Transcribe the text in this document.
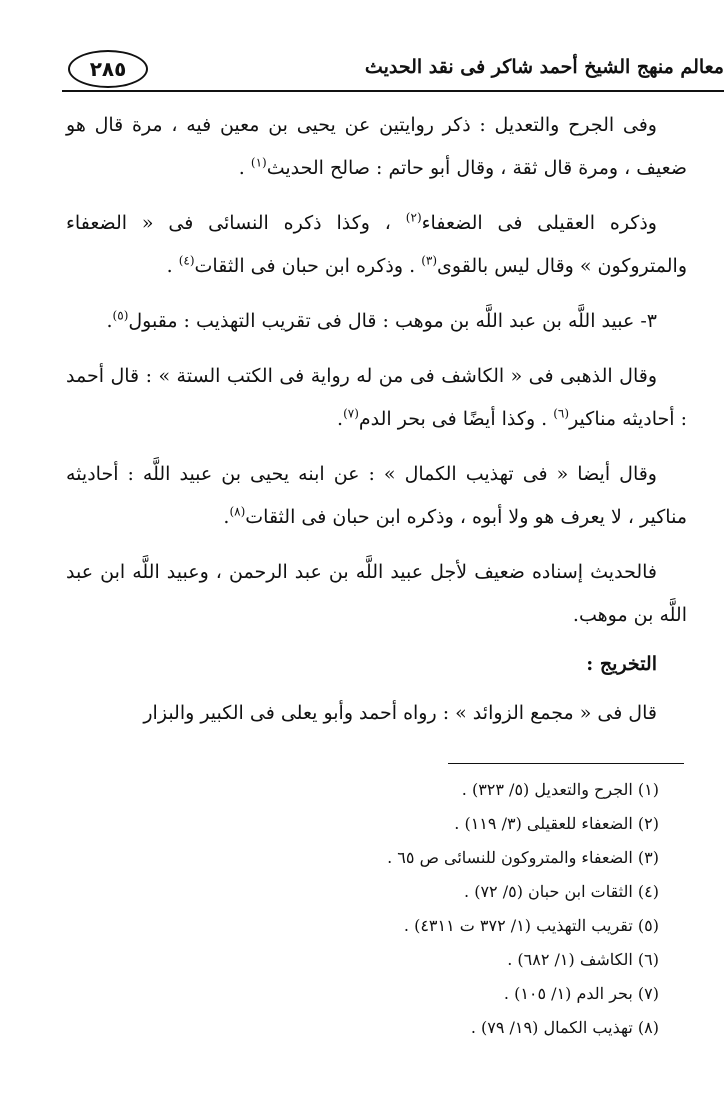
٢٨٥	معالم منهج الشيخ أحمد شاكر فى نقد الحديث

وفى الجرح والتعديل : ذكر روايتين عن يحيى بن معين فيه ، مرة قال هو ضعيف ، ومرة قال ثقة ، وقال أبو حاتم : صالح الحديث$^{(١)}$ .

وذكره العقيلى فى الضعفاء$^{(٢)}$ ، وكذا ذكره النسائى فى « الضعفاء والمتروكون » وقال ليس بالقوى$^{(٣)}$ . وذكره ابن حبان فى الثقات$^{(٤)}$ .

٣- عبيد اللَّه بن عبد اللَّه بن موهب : قال فى تقريب التهذيب : مقبول$^{(٥)}$.

وقال الذهبى فى « الكاشف فى من له رواية فى الكتب الستة » : قال أحمد : أحاديثه مناكير$^{(٦)}$ . وكذا أيضًا فى بحر الدم$^{(٧)}$.

وقال أيضا « فى تهذيب الكمال » : عن ابنه يحيى بن عبيد اللَّه : أحاديثه مناكير ، لا يعرف هو ولا أبوه ، وذكره ابن حبان فى الثقات$^{(٨)}$.

فالحديث إسناده ضعيف لأجل عبيد اللَّه بن عبد الرحمن ، وعبيد اللَّه ابن عبد اللَّه بن موهب.

التخريج :

قال فى « مجمع الزوائد » : رواه أحمد وأبو يعلى فى الكبير والبزار

(١) الجرح والتعديل (٥/ ٣٢٣) .
(٢) الضعفاء للعقيلى (٣/ ١١٩) .
(٣) الضعفاء والمتروكون للنسائى ص ٦٥ .
(٤) الثقات ابن حبان (٥/ ٧٢) .
(٥) تقريب التهذيب (١/ ٣٧٢ ت ٤٣١١) .
(٦) الكاشف (١/ ٦٨٢) .
(٧) بحر الدم (١/ ١٠٥) .
(٨) تهذيب الكمال (١٩/ ٧٩) .
